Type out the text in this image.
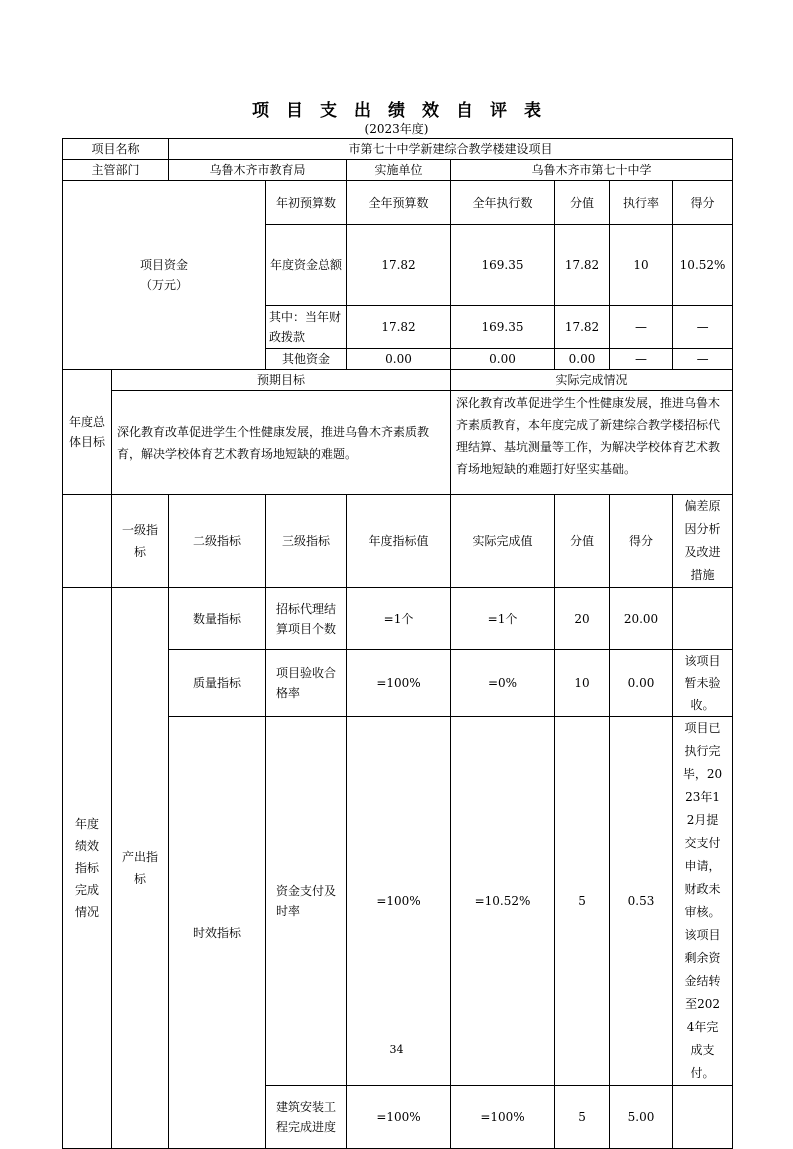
项目支出绩效自评表
(2023年度)
项目名称		市第七十中学新建综合教学楼建设项目							
主管部门		乌鲁木齐市教育局		实施单位	乌鲁木齐市第七十中学				
项目资金
（万元）			年初预算数	全年预算数	全年执行数	分值	执行率	得分	
			年度资金总额	17.82	169.35	17.82	10	10.52%	
			其中：当年财政拨款	17.82	169.35	17.82	—	—	
			其他资金	0.00	0.00	0.00	—	—	
年度总体目标	预期目标				实际完成情况				
	深化教育改革促进学生个性健康发展，推进乌鲁木齐素质教育，解决学校体育艺术教育场地短缺的难题。				深化教育改革促进学生个性健康发展，推进乌鲁木齐素质教育，本年度完成了新建综合教学楼招标代理结算、基坑测量等工作，为解决学校体育艺术教育场地短缺的难题打好坚实基础。				
	一级指标	二级指标	三级指标	年度指标值	实际完成值	分值	得分	偏差原因分析及改进措施	
年度绩效指标完成情况	产出指标	数量指标	招标代理结算项目个数	=1个	=1个	20	20.00		
		质量指标	项目验收合格率	=100%	=0%	10	0.00	该项目暂未验收。	
		时效指标	资金支付及时率	=100%	=10.52%	5	0.53	项目已执行完毕，2023年12月提交支付申请，财政未审核。该项目剩余资金结转至2024年完成支付。	
			建筑安装工程完成进度	=100%	=100%	5	5.00		
34
